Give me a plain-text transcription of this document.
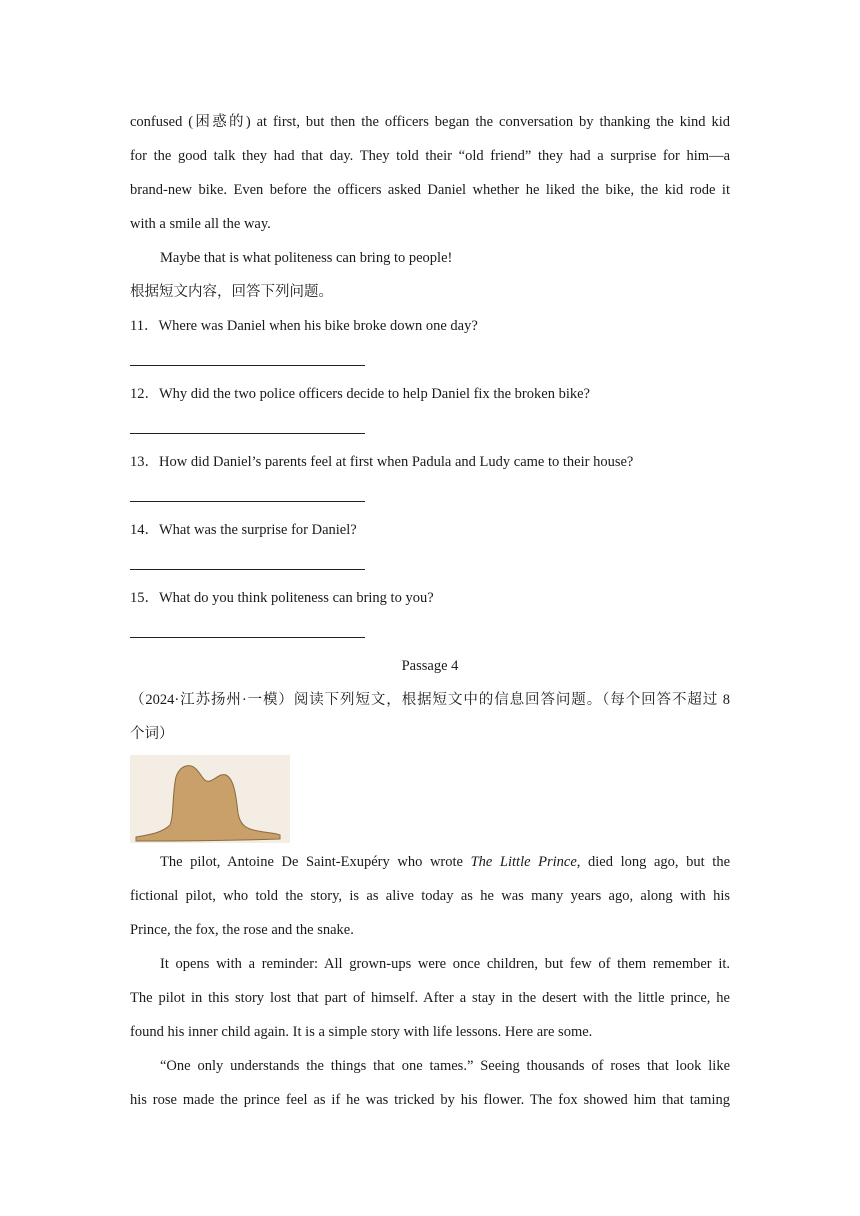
confused (困惑的) at first, but then the officers began the conversation by thanking the kind kid

for the good talk they had that day. They told their “old friend” they had a surprise for him—a

brand-new bike. Even before the officers asked Daniel whether he liked the bike, the kid rode it

with a smile all the way.

Maybe that is what politeness can bring to people!

根据短文内容，回答下列问题。

11．Where was Daniel when his bike broke down one day?

12．Why did the two police officers decide to help Daniel fix the broken bike?

13．How did Daniel’s parents feel at first when Padula and Ludy came to their house?

14．What was the surprise for Daniel?

15．What do you think politeness can bring to you?

Passage 4

（2024·江苏扬州·一模）阅读下列短文，根据短文中的信息回答问题。（每个回答不超过 8

个词）

The pilot, Antoine De Saint-Exupéry who wrote The Little Prince, died long ago, but the

fictional pilot, who told the story, is as alive today as he was many years ago, along with his

Prince, the fox, the rose and the snake.

It opens with a reminder: All grown-ups were once children, but few of them remember it.

The pilot in this story lost that part of himself. After a stay in the desert with the little prince, he

found his inner child again. It is a simple story with life lessons. Here are some.

“One only understands the things that one tames.” Seeing thousands of roses that look like

his rose made the prince feel as if he was tricked by his flower. The fox showed him that taming
